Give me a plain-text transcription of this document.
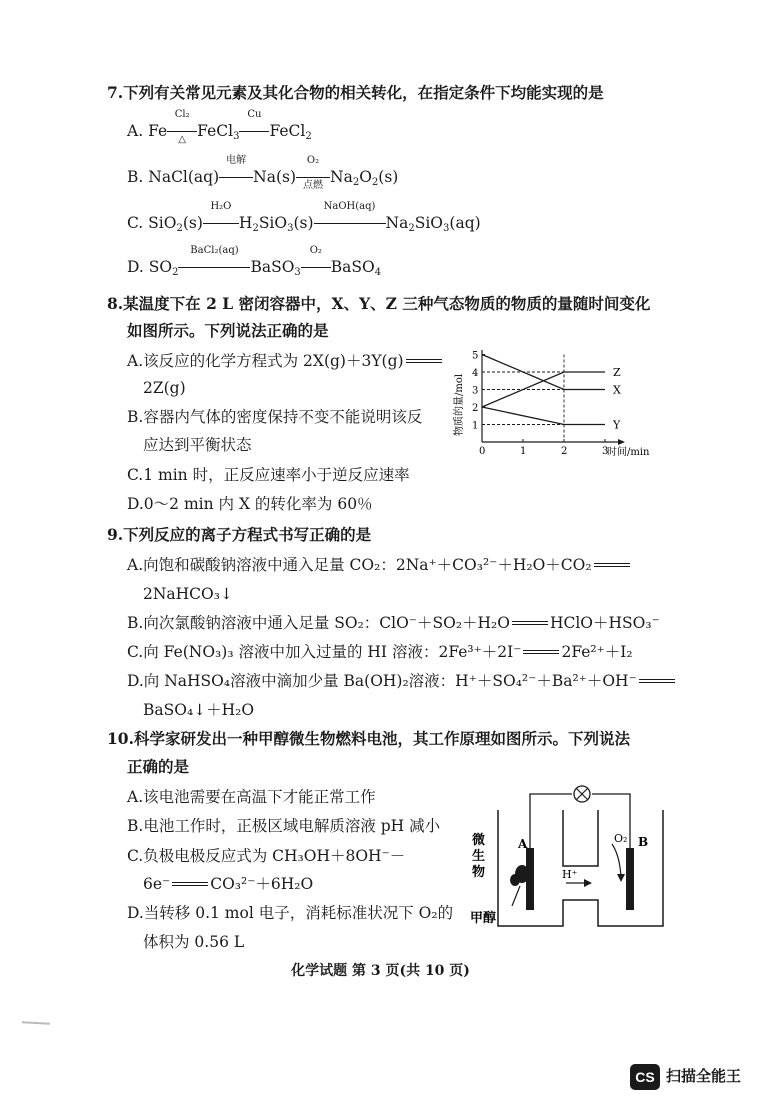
7.下列有关常见元素及其化合物的相关转化，在指定条件下均能实现的是
A. Fe
Cl₂
△ FeCl$_3$
Cu
FeCl$_2$
B. NaCl(aq)
电解
Na(s)
O₂
点燃 $Na_2O_2(s)$
C. SiO$_2$(s)
H₂O
$H_2SiO_3(s)$
NaOH(aq)
$Na_2SiO_3(aq)$
D. $SO_2$
BaCl₂(aq)
BaSO$_3$
O₂
BaSO$_4$
8.某温度下在 2 L 密闭容器中，X、Y、Z 三种气态物质的物质的量随时间变化
如图所示。下列说法正确的是
A.该反应的化学方程式为 2X(g)＋3Y(g)
2Z(g)
B.容器内气体的密度保持不变不能说明该反
应达到平衡状态
C.1 min 时，正反应速率小于逆反应速率
D.0～2 min 内 X 的转化率为 60％
0	1	2	3
1
2
3
4
5
Z
X
Y
时间/min
物质的量/mol
9.下列反应的离子方程式书写正确的是
A.向饱和碳酸钠溶液中通入足量 CO₂：2Na⁺＋CO₃²⁻＋H₂O＋CO₂
2NaHCO₃↓
B.向次氯酸钠溶液中通入足量 SO₂：ClO⁻＋SO₂＋H₂O	HClO＋HSO₃⁻
C.向 Fe(NO₃)₃ 溶液中加入过量的 HI 溶液：2Fe³⁺＋2I⁻	2Fe²⁺＋I₂
D.向 NaHSO₄溶液中滴加少量 Ba(OH)₂溶液：H⁺＋SO₄²⁻＋Ba²⁺＋OH⁻
BaSO₄↓＋H₂O
10.科学家研发出一种甲醇微生物燃料电池，其工作原理如图所示。下列说法
正确的是
A.该电池需要在高温下才能正常工作
B.电池工作时，正极区域电解质溶液 pH 减小
C.负极电极反应式为 CH₃OH＋8OH⁻－
6e⁻	CO₃²⁻＋6H₂O
D.当转移 0.1 mol 电子，消耗标准状况下 O₂的
体积为 0.56 L
微
生
物
A	B
甲醇
H⁺
O₂
化学试题 第 3 页(共 10 页)
CS 扫描全能王
